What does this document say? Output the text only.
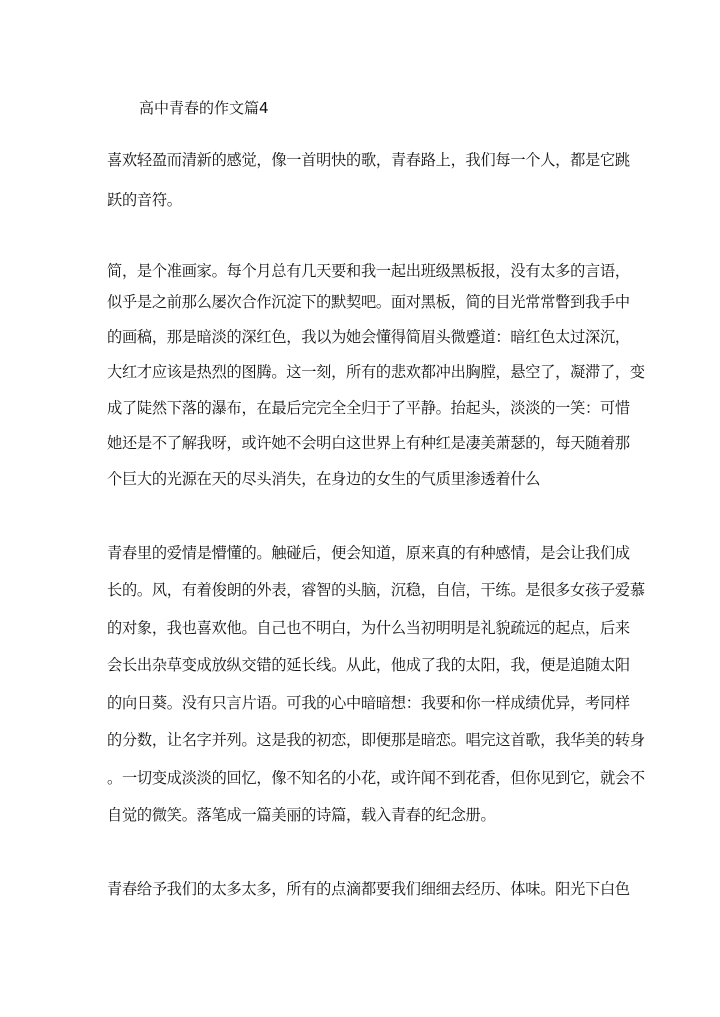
高中青春的作文篇4
喜欢轻盈而清新的感觉，像一首明快的歌，青春路上，我们每一个人，都是它跳
跃的音符。
简，是个准画家。每个月总有几天要和我一起出班级黑板报，没有太多的言语，
似乎是之前那么屡次合作沉淀下的默契吧。面对黑板，简的目光常常瞥到我手中
的画稿，那是暗淡的深红色，我以为她会懂得简眉头微蹙道：暗红色太过深沉，
大红才应该是热烈的图腾。这一刻，所有的悲欢都冲出胸膛，悬空了，凝滞了，变
成了陡然下落的瀑布，在最后完完全全归于了平静。抬起头，淡淡的一笑：可惜
她还是不了解我呀，或许她不会明白这世界上有种红是凄美萧瑟的，每天随着那
个巨大的光源在天的尽头消失，在身边的女生的气质里渗透着什么
青春里的爱情是懵懂的。触碰后，便会知道，原来真的有种感情，是会让我们成
长的。风，有着俊朗的外表，睿智的头脑，沉稳，自信，干练。是很多女孩子爱慕
的对象，我也喜欢他。自己也不明白，为什么当初明明是礼貌疏远的起点，后来
会长出杂草变成放纵交错的延长线。从此，他成了我的太阳，我，便是追随太阳
的向日葵。没有只言片语。可我的心中暗暗想：我要和你一样成绩优异，考同样
的分数，让名字并列。这是我的初恋，即便那是暗恋。唱完这首歌，我华美的转身
。一切变成淡淡的回忆，像不知名的小花，或许闻不到花香，但你见到它，就会不
自觉的微笑。落笔成一篇美丽的诗篇，载入青春的纪念册。
青春给予我们的太多太多，所有的点滴都要我们细细去经历、体味。阳光下白色
